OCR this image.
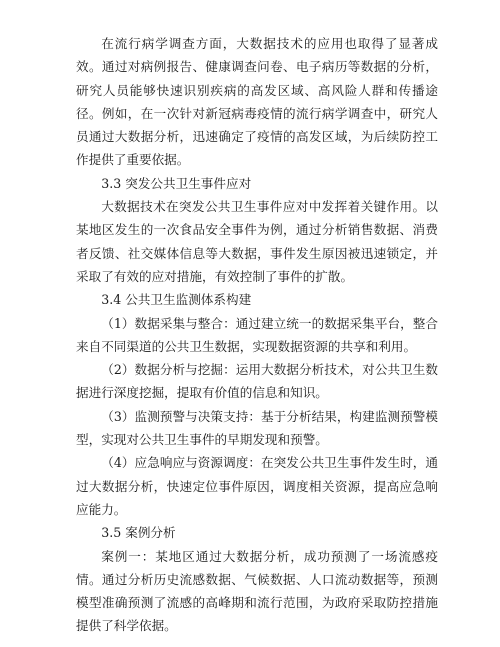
在流行病学调查方面，大数据技术的应用也取得了显著成效。通过对病例报告、健康调查问卷、电子病历等数据的分析，研究人员能够快速识别疾病的高发区域、高风险人群和传播途径。例如，在一次针对新冠病毒疫情的流行病学调查中，研究人员通过大数据分析，迅速确定了疫情的高发区域，为后续防控工作提供了重要依据。

3.3 突发公共卫生事件应对

大数据技术在突发公共卫生事件应对中发挥着关键作用。以某地区发生的一次食品安全事件为例，通过分析销售数据、消费者反馈、社交媒体信息等大数据，事件发生原因被迅速锁定，并采取了有效的应对措施，有效控制了事件的扩散。

3.4 公共卫生监测体系构建

（1）数据采集与整合：通过建立统一的数据采集平台，整合来自不同渠道的公共卫生数据，实现数据资源的共享和利用。

（2）数据分析与挖掘：运用大数据分析技术，对公共卫生数据进行深度挖掘，提取有价值的信息和知识。

（3）监测预警与决策支持：基于分析结果，构建监测预警模型，实现对公共卫生事件的早期发现和预警。

（4）应急响应与资源调度：在突发公共卫生事件发生时，通过大数据分析，快速定位事件原因，调度相关资源，提高应急响应能力。

3.5 案例分析

案例一：某地区通过大数据分析，成功预测了一场流感疫情。通过分析历史流感数据、气候数据、人口流动数据等，预测模型准确预测了流感的高峰期和流行范围，为政府采取防控措施提供了科学依据。
